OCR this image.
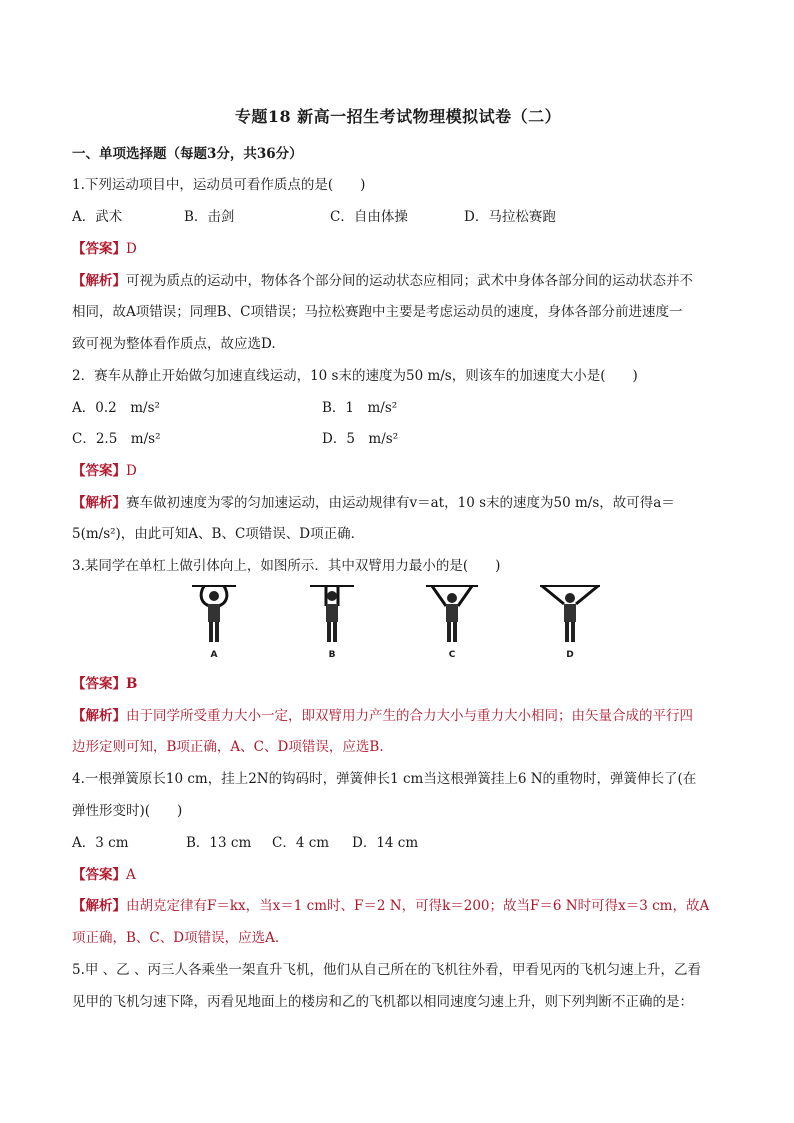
专题18 新高一招生考试物理模拟试卷（二）
一、单项选择题（每题3分，共36分）
1.下列运动项目中，运动员可看作质点的是(　　)
A．武术	B．击剑	C．自由体操	D．马拉松赛跑
【答案】D
【解析】可视为质点的运动中，物体各个部分间的运动状态应相同；武术中身体各部分间的运动状态并不
相同，故A项错误；同理B、C项错误；马拉松赛跑中主要是考虑运动员的速度，身体各部分前进速度一
致可视为整体看作质点，故应选D.
2．赛车从静止开始做匀加速直线运动，10 s末的速度为50 m/s，则该车的加速度大小是(　　)
A．0.2　m/s²	B．1　m/s²
C．2.5　m/s²	D．5　m/s²
【答案】D
【解析】赛车做初速度为零的匀加速运动，由运动规律有v＝at，10 s末的速度为50 m/s，故可得a＝
5(m/s²)，由此可知A、B、C项错误、D项正确．
3.某同学在单杠上做引体向上，如图所示．其中双臂用力最小的是(　　)
A	B	C	D
【答案】B
【解析】由于同学所受重力大小一定，即双臂用力产生的合力大小与重力大小相同；由矢量合成的平行四
边形定则可知，B项正确，A、C、D项错误，应选B.
4.一根弹簧原长10 cm，挂上2N的钩码时，弹簧伸长1 cm当这根弹簧挂上6 N的重物时，弹簧伸长了(在
弹性形变时)(　　)
A．3 cm	B．13 cm C．4 cm D．14 cm
【答案】A
【解析】由胡克定律有F＝kx，当x＝1 cm时、F＝2 N，可得k＝200；故当F＝6 N时可得x＝3 cm，故A
项正确，B、C、D项错误，应选A.
5.甲 、乙 、丙三人各乘坐一架直升飞机，他们从自己所在的飞机往外看，甲看见丙的飞机匀速上升，乙看
见甲的飞机匀速下降，丙看见地面上的楼房和乙的飞机都以相同速度匀速上升，则下列判断不正确的是：
